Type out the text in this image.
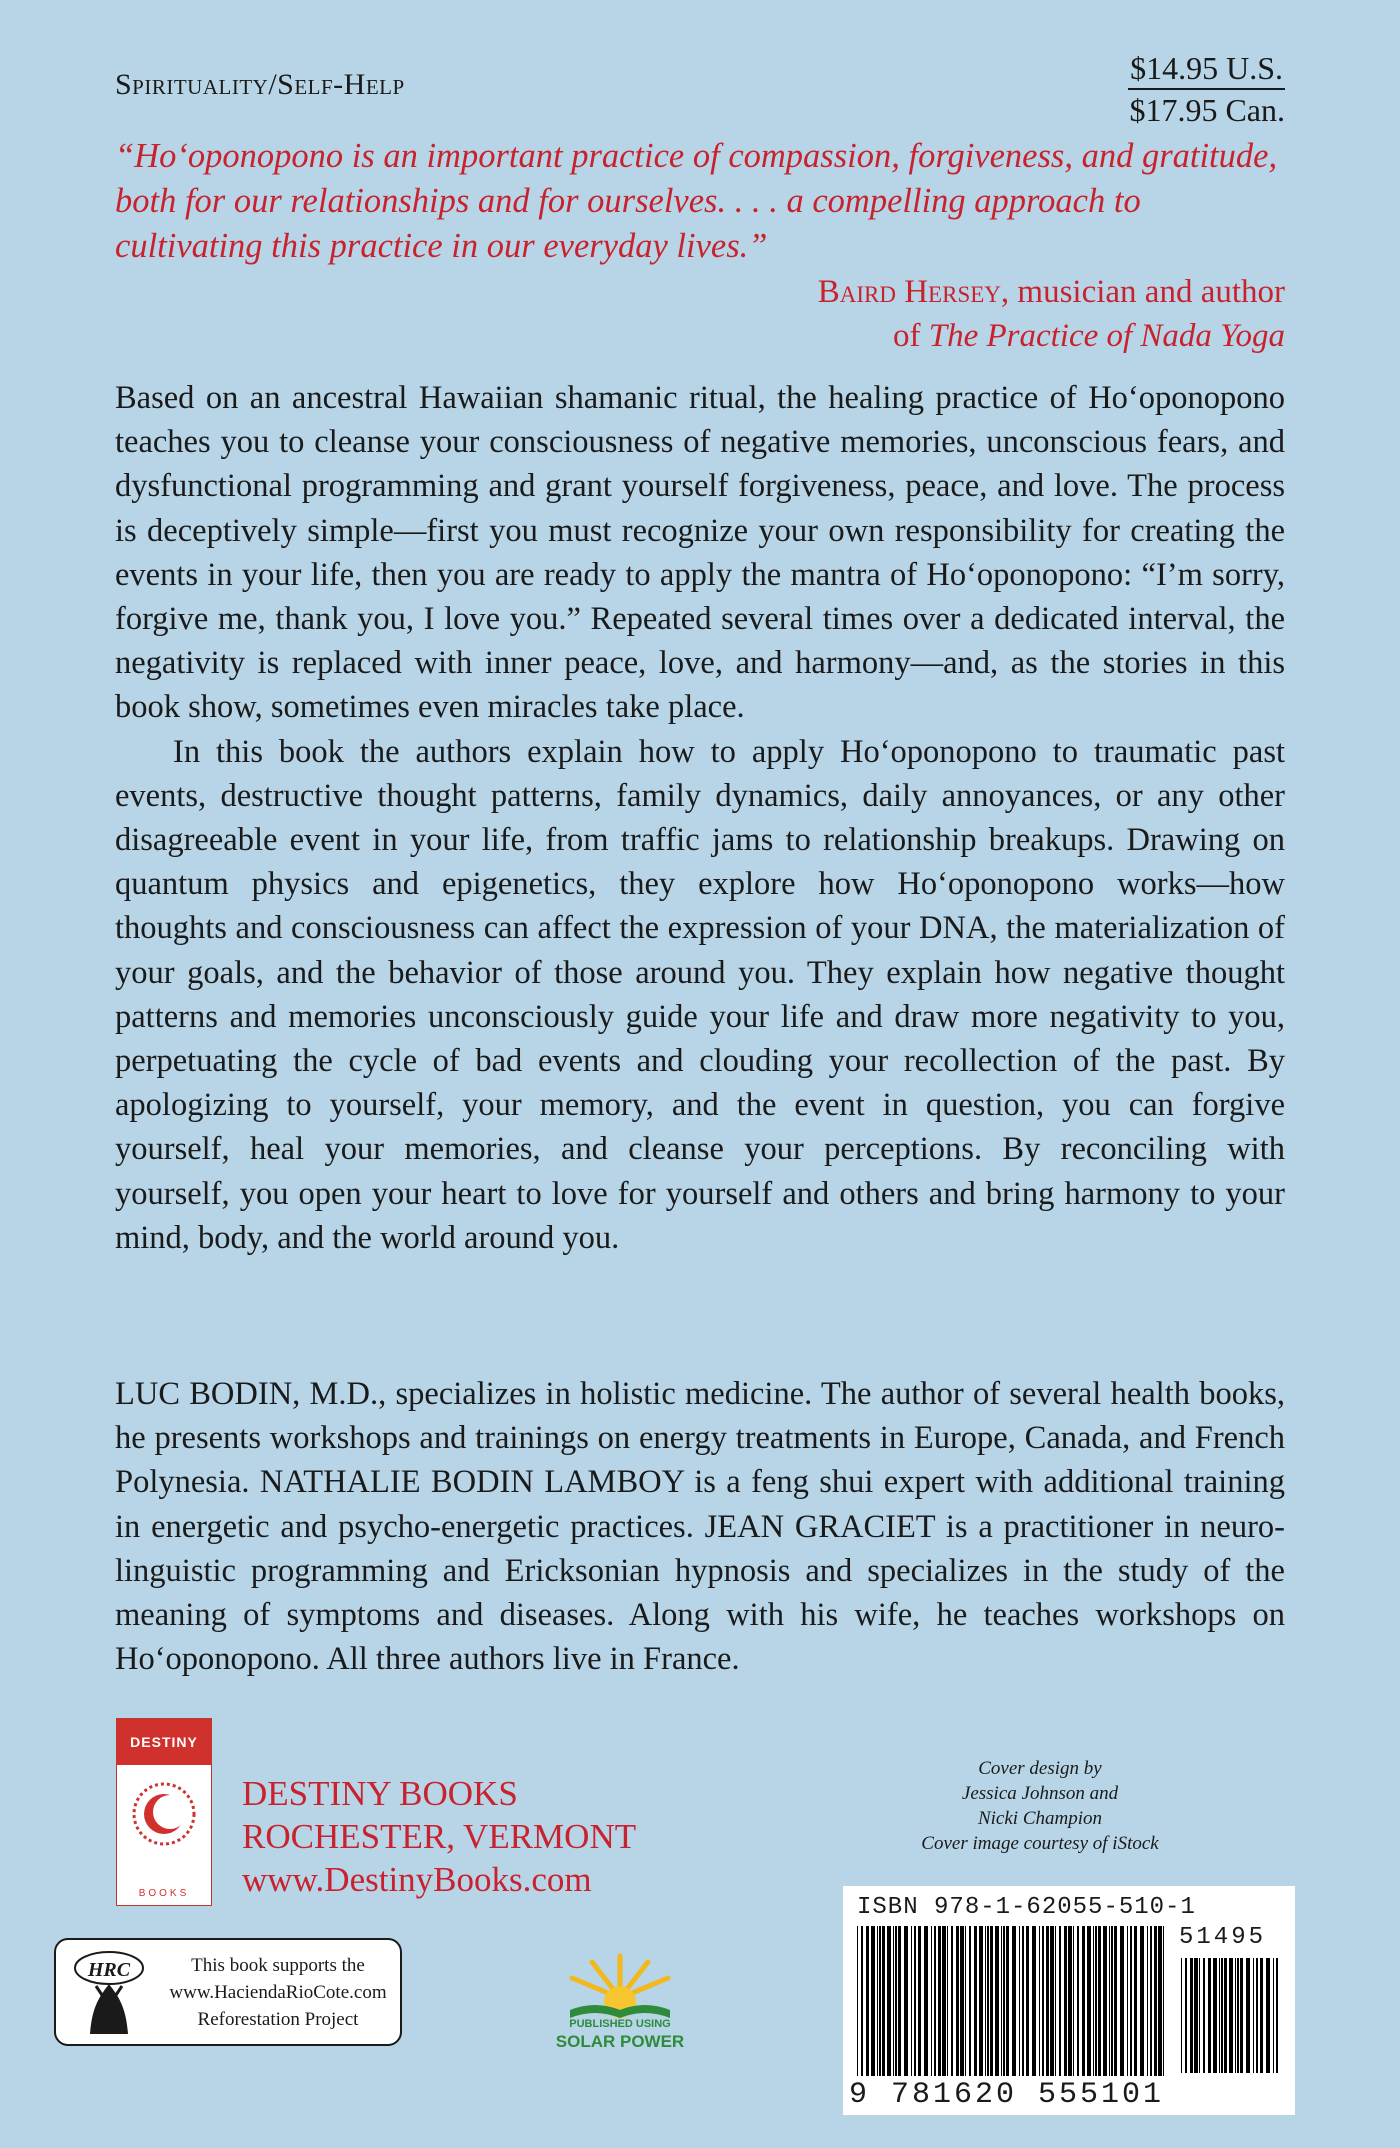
Spirituality/Self-Help	$14.95 U.S.
$17.95 Can.
“Hoʻoponopono is an important practice of compassion, forgiveness, and gratitude, both for our relationships and for ourselves. . . . a compelling approach to cultivating this practice in our everyday lives.”
Baird Hersey, musician and author
of The Practice of Nada Yoga

Based on an ancestral Hawaiian shamanic ritual, the healing practice of Hoʻoponopono teaches you to cleanse your consciousness of negative memories, unconscious fears, and dysfunctional programming and grant yourself forgiveness, peace, and love. The process is deceptively simple—first you must recognize your own responsibility for creating the events in your life, then you are ready to apply the mantra of Hoʻoponopono: “I’m sorry, forgive me, thank you, I love you.” Repeated several times over a dedicated interval, the negativity is replaced with inner peace, love, and harmony—and, as the stories in this book show, sometimes even miracles take place.

In this book the authors explain how to apply Hoʻoponopono to traumatic past events, destructive thought patterns, family dynamics, daily annoyances, or any other disagreeable event in your life, from traffic jams to relationship breakups. Drawing on quantum physics and epigenetics, they explore how Hoʻoponopono works—how thoughts and consciousness can affect the expression of your DNA, the materialization of your goals, and the behavior of those around you. They explain how negative thought patterns and memories unconsciously guide your life and draw more negativity to you, perpetuating the cycle of bad events and clouding your recollection of the past. By apologizing to yourself, your memory, and the event in question, you can forgive yourself, heal your memories, and cleanse your perceptions. By reconciling with yourself, you open your heart to love for yourself and others and bring harmony to your mind, body, and the world around you.

LUC BODIN, M.D., specializes in holistic medicine. The author of several health books, he presents workshops and trainings on energy treatments in Europe, Canada, and French Polynesia. NATHALIE BODIN LAMBOY is a feng shui expert with additional training in energetic and psycho-energetic practices. JEAN GRACIET is a practitioner in neuro-linguistic programming and Ericksonian hypnosis and specializes in the study of the meaning of symptoms and diseases. Along with his wife, he teaches workshops on Hoʻoponopono. All three authors live in France.
DESTINY
BOOKS
DESTINY BOOKS
ROCHESTER, VERMONT
www.DestinyBooks.com
Cover design by
Jessica Johnson and
Nicki Champion
Cover image courtesy of iStock
ISBN 978-1-62055-510-1
51495
9 781620 555101
HRC	This book supports the
www.HaciendaRioCote.com
Reforestation Project	PUBLISHED USING
SOLAR POWER
